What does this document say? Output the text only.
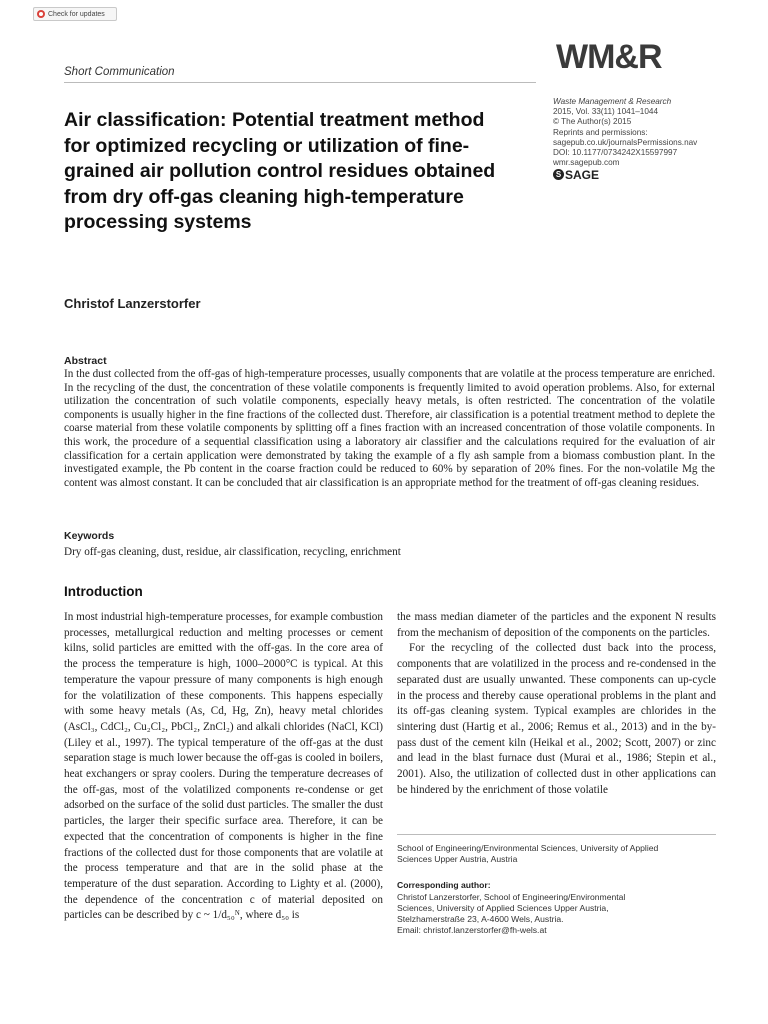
Check for updates
Short Communication	WM&R
Waste Management & Research
2015, Vol. 33(11) 1041–1044
© The Author(s) 2015
Reprints and permissions:
sagepub.co.uk/journalsPermissions.nav
DOI: 10.1177/0734242X15597997
wmr.sagepub.com
S SAGE
Air classification: Potential treatment method for optimized recycling or utilization of fine-grained air pollution control residues obtained from dry off-gas cleaning high-temperature processing systems
Christof Lanzerstorfer
Abstract

In the dust collected from the off-gas of high-temperature processes, usually components that are volatile at the process temperature are enriched. In the recycling of the dust, the concentration of these volatile components is frequently limited to avoid operation problems. Also, for external utilization the concentration of such volatile components, especially heavy metals, is often restricted. The concentration of the volatile components is usually higher in the fine fractions of the collected dust. Therefore, air classification is a potential treatment method to deplete the coarse material from these volatile components by splitting off a fines fraction with an increased concentration of those volatile components. In this work, the procedure of a sequential classification using a laboratory air classifier and the calculations required for the evaluation of air classification for a certain application were demonstrated by taking the example of a fly ash sample from a biomass combustion plant. In the investigated example, the Pb content in the coarse fraction could be reduced to 60% by separation of 20% fines. For the non-volatile Mg the content was almost constant. It can be concluded that air classification is an appropriate method for the treatment of off-gas cleaning residues.

Keywords

Dry off-gas cleaning, dust, residue, air classification, recycling, enrichment

Introduction

In most industrial high-temperature processes, for example combustion processes, metallurgical reduction and melting processes or cement kilns, solid particles are emitted with the off-gas. In the core area of the process the temperature is high, 1000–2000°C is typical. At this temperature the vapour pressure of many components is high enough for the volatilization of these components. This happens especially with some heavy metals (As, Cd, Hg, Zn), heavy metal chlorides (AsCl₃, CdCl₂, Cu₂Cl₂, PbCl₂, ZnCl₂) and alkali chlorides (NaCl, KCl) (Liley et al., 1997). The typical temperature of the off-gas at the dust separation stage is much lower because the off-gas is cooled in boilers, heat exchangers or spray coolers. During the temperature decreases of the off-gas, most of the volatilized components re-condense or get adsorbed on the surface of the solid dust particles. The smaller the dust particles, the larger their specific surface area. Therefore, it can be expected that the concentration of components is higher in the fine fractions of the collected dust for those components that are volatile at the process temperature and that are in the solid phase at the temperature of the dust separation. According to Lighty et al. (2000), the dependence of the concentration c of material deposited on particles can be described by c ~ 1/d₅₀ᴺ, where d₅₀ is

the mass median diameter of the particles and the exponent N results from the mechanism of deposition of the components on the particles.

For the recycling of the collected dust back into the process, components that are volatilized in the process and re-condensed in the separated dust are usually unwanted. These components can up-cycle in the process and thereby cause operational problems in the plant and its off-gas cleaning system. Typical examples are chlorides in the sintering dust (Hartig et al., 2006; Remus et al., 2013) and in the by-pass dust of the cement kiln (Heikal et al., 2002; Scott, 2007) or zinc and lead in the blast furnace dust (Murai et al., 1986; Stepin et al., 2001). Also, the utilization of collected dust in other applications can be hindered by the enrichment of those volatile

School of Engineering/Environmental Sciences, University of Applied
Sciences Upper Austria, Austria
Corresponding author:
Christof Lanzerstorfer, School of Engineering/Environmental
Sciences, University of Applied Sciences Upper Austria,
Stelzhamerstraße 23, A-4600 Wels, Austria.
Email: christof.lanzerstorfer@fh-wels.at
